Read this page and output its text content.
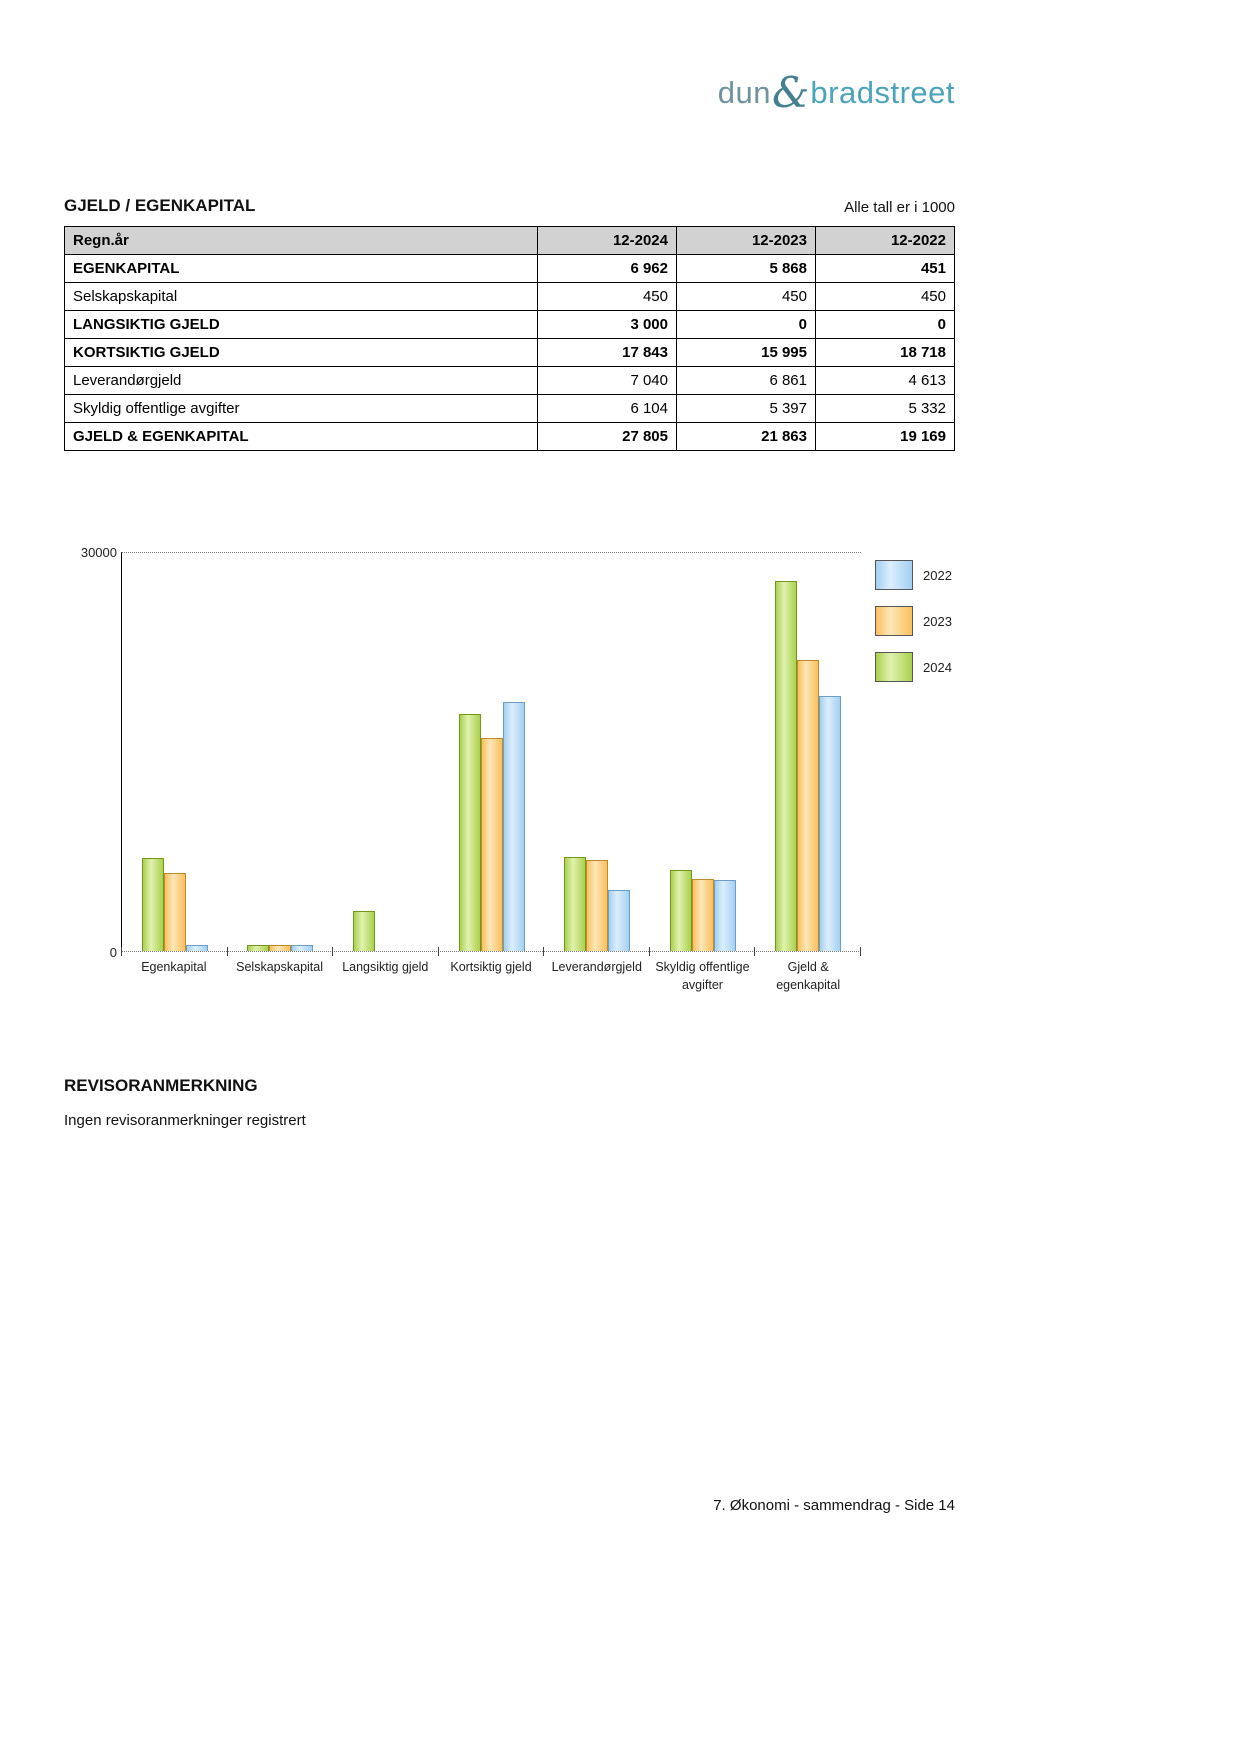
dun&bradstreet
GJELD / EGENKAPITAL	Alle tall er i 1000
Regn.år	12-2024	12-2023	12-2022
EGENKAPITAL	6 962	5 868	451
Selskapskapital	450	450	450
LANGSIKTIG GJELD	3 000	0	0
KORTSIKTIG GJELD	17 843	15 995	18 718
Leverandørgjeld	7 040	6 861	4 613
Skyldig offentlige avgifter	6 104	5 397	5 332
GJELD & EGENKAPITAL	27 805	21 863	19 169
30000
0
Egenkapital	Selskapskapital	Langsiktig gjeld	Kortsiktig gjeld	Leverandørgjeld	Skyldig offentlige avgifter
Gjeld & egenkapital
2022
2023
2024
REVISORANMERKNING
Ingen revisoranmerkninger registrert
7. Økonomi - sammendrag - Side 14
